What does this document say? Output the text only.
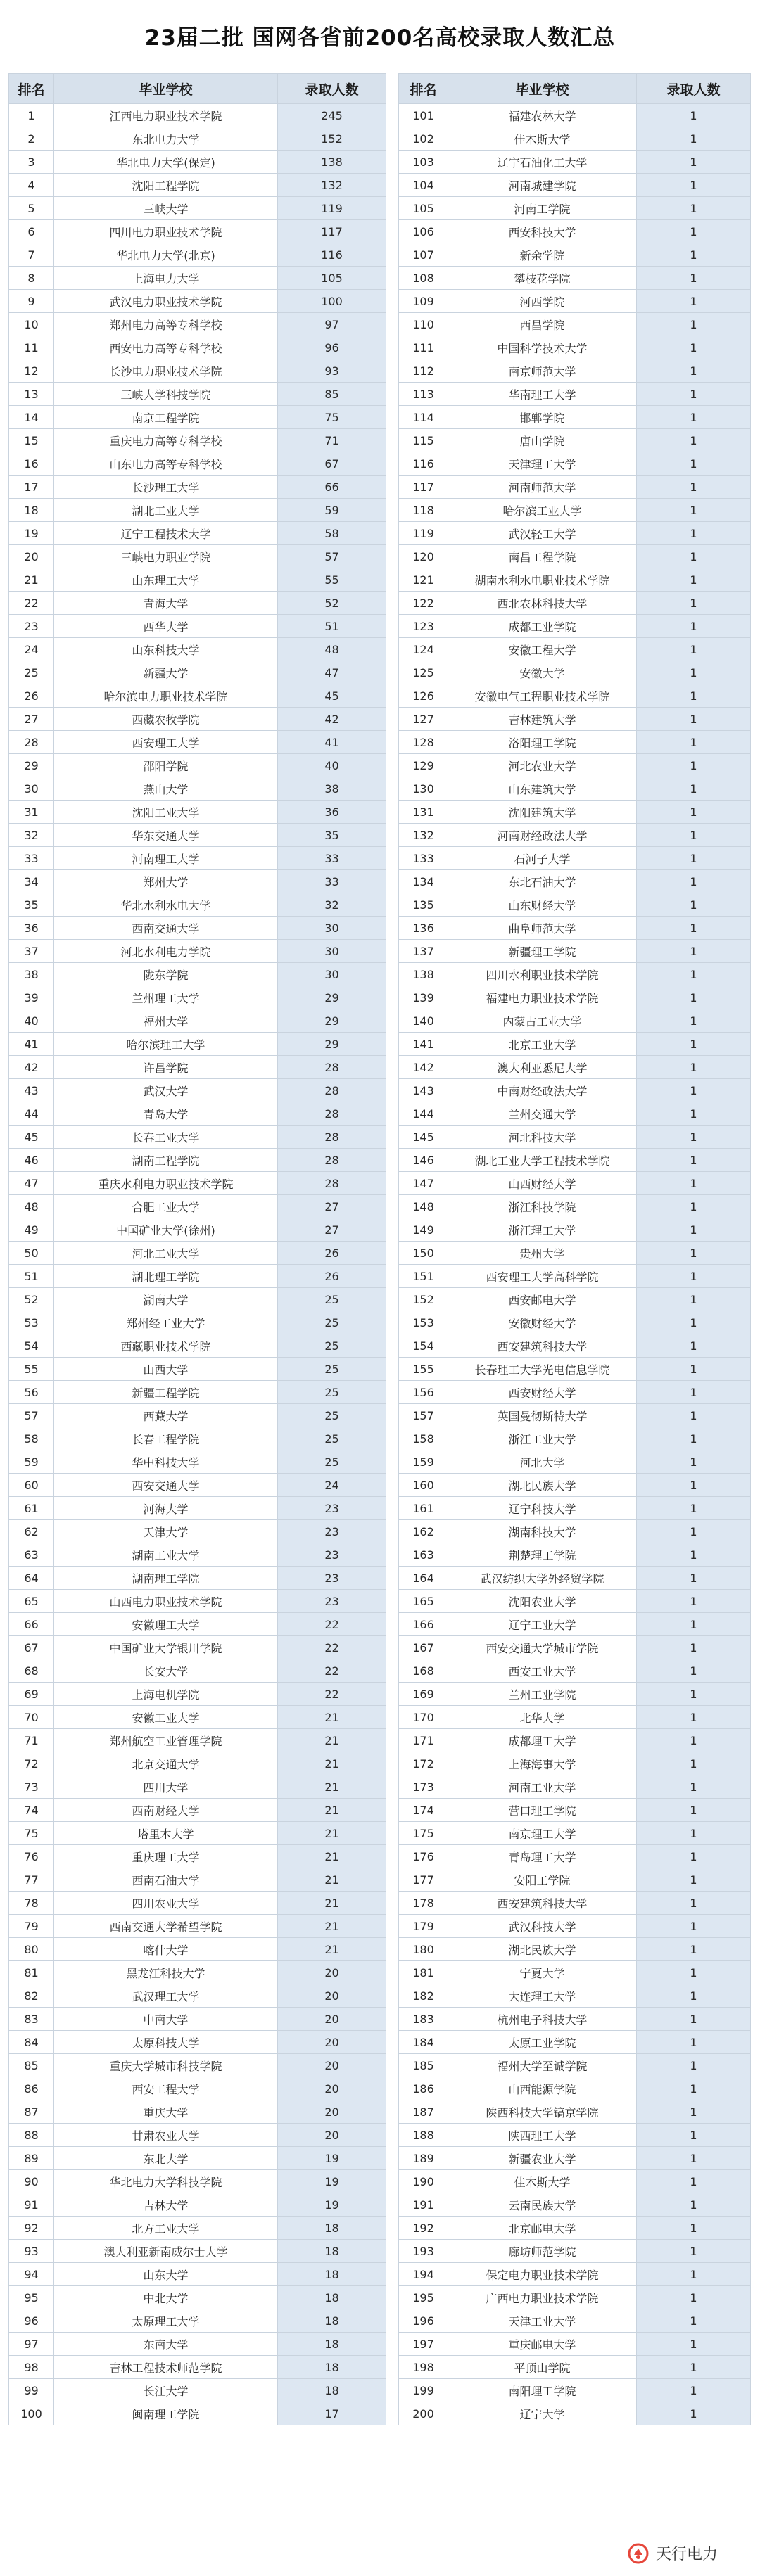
23届二批 国网各省前200名高校录取人数汇总
排名	毕业学校	录取人数
1	江西电力职业技术学院	245
2	东北电力大学	152
3	华北电力大学(保定)	138
4	沈阳工程学院	132
5	三峡大学	119
6	四川电力职业技术学院	117
7	华北电力大学(北京)	116
8	上海电力大学	105
9	武汉电力职业技术学院	100
10	郑州电力高等专科学校	97
11	西安电力高等专科学校	96
12	长沙电力职业技术学院	93
13	三峡大学科技学院	85
14	南京工程学院	75
15	重庆电力高等专科学校	71
16	山东电力高等专科学校	67
17	长沙理工大学	66
18	湖北工业大学	59
19	辽宁工程技术大学	58
20	三峡电力职业学院	57
21	山东理工大学	55
22	青海大学	52
23	西华大学	51
24	山东科技大学	48
25	新疆大学	47
26	哈尔滨电力职业技术学院	45
27	西藏农牧学院	42
28	西安理工大学	41
29	邵阳学院	40
30	燕山大学	38
31	沈阳工业大学	36
32	华东交通大学	35
33	河南理工大学	33
34	郑州大学	33
35	华北水利水电大学	32
36	西南交通大学	30
37	河北水利电力学院	30
38	陇东学院	30
39	兰州理工大学	29
40	福州大学	29
41	哈尔滨理工大学	29
42	许昌学院	28
43	武汉大学	28
44	青岛大学	28
45	长春工业大学	28
46	湖南工程学院	28
47	重庆水利电力职业技术学院	28
48	合肥工业大学	27
49	中国矿业大学(徐州)	27
50	河北工业大学	26
51	湖北理工学院	26
52	湖南大学	25
53	郑州经工业大学	25
54	西藏职业技术学院	25
55	山西大学	25
56	新疆工程学院	25
57	西藏大学	25
58	长春工程学院	25
59	华中科技大学	25
60	西安交通大学	24
61	河海大学	23
62	天津大学	23
63	湖南工业大学	23
64	湖南理工学院	23
65	山西电力职业技术学院	23
66	安徽理工大学	22
67	中国矿业大学银川学院	22
68	长安大学	22
69	上海电机学院	22
70	安徽工业大学	21
71	郑州航空工业管理学院	21
72	北京交通大学	21
73	四川大学	21
74	西南财经大学	21
75	塔里木大学	21
76	重庆理工大学	21
77	西南石油大学	21
78	四川农业大学	21
79	西南交通大学希望学院	21
80	喀什大学	21
81	黑龙江科技大学	20
82	武汉理工大学	20
83	中南大学	20
84	太原科技大学	20
85	重庆大学城市科技学院	20
86	西安工程大学	20
87	重庆大学	20
88	甘肃农业大学	20
89	东北大学	19
90	华北电力大学科技学院	19
91	吉林大学	19
92	北方工业大学	18
93	澳大利亚新南威尔士大学	18
94	山东大学	18
95	中北大学	18
96	太原理工大学	18
97	东南大学	18
98	吉林工程技术师范学院	18
99	长江大学	18
100	闽南理工学院	17
排名	毕业学校	录取人数
101	福建农林大学	1
102	佳木斯大学	1
103	辽宁石油化工大学	1
104	河南城建学院	1
105	河南工学院	1
106	西安科技大学	1
107	新余学院	1
108	攀枝花学院	1
109	河西学院	1
110	西昌学院	1
111	中国科学技术大学	1
112	南京师范大学	1
113	华南理工大学	1
114	邯郸学院	1
115	唐山学院	1
116	天津理工大学	1
117	河南师范大学	1
118	哈尔滨工业大学	1
119	武汉轻工大学	1
120	南昌工程学院	1
121	湖南水利水电职业技术学院	1
122	西北农林科技大学	1
123	成都工业学院	1
124	安徽工程大学	1
125	安徽大学	1
126	安徽电气工程职业技术学院	1
127	吉林建筑大学	1
128	洛阳理工学院	1
129	河北农业大学	1
130	山东建筑大学	1
131	沈阳建筑大学	1
132	河南财经政法大学	1
133	石河子大学	1
134	东北石油大学	1
135	山东财经大学	1
136	曲阜师范大学	1
137	新疆理工学院	1
138	四川水利职业技术学院	1
139	福建电力职业技术学院	1
140	内蒙古工业大学	1
141	北京工业大学	1
142	澳大利亚悉尼大学	1
143	中南财经政法大学	1
144	兰州交通大学	1
145	河北科技大学	1
146	湖北工业大学工程技术学院	1
147	山西财经大学	1
148	浙江科技学院	1
149	浙江理工大学	1
150	贵州大学	1
151	西安理工大学高科学院	1
152	西安邮电大学	1
153	安徽财经大学	1
154	西安建筑科技大学	1
155	长春理工大学光电信息学院	1
156	西安财经大学	1
157	英国曼彻斯特大学	1
158	浙江工业大学	1
159	河北大学	1
160	湖北民族大学	1
161	辽宁科技大学	1
162	湖南科技大学	1
163	荆楚理工学院	1
164	武汉纺织大学外经贸学院	1
165	沈阳农业大学	1
166	辽宁工业大学	1
167	西安交通大学城市学院	1
168	西安工业大学	1
169	兰州工业学院	1
170	北华大学	1
171	成都理工大学	1
172	上海海事大学	1
173	河南工业大学	1
174	营口理工学院	1
175	南京理工大学	1
176	青岛理工大学	1
177	安阳工学院	1
178	西安建筑科技大学	1
179	武汉科技大学	1
180	湖北民族大学	1
181	宁夏大学	1
182	大连理工大学	1
183	杭州电子科技大学	1
184	太原工业学院	1
185	福州大学至诚学院	1
186	山西能源学院	1
187	陕西科技大学镐京学院	1
188	陕西理工大学	1
189	新疆农业大学	1
190	佳木斯大学	1
191	云南民族大学	1
192	北京邮电大学	1
193	廊坊师范学院	1
194	保定电力职业技术学院	1
195	广西电力职业技术学院	1
196	天津工业大学	1
197	重庆邮电大学	1
198	平顶山学院	1
199	南阳理工学院	1
200	辽宁大学	1
天行电力
